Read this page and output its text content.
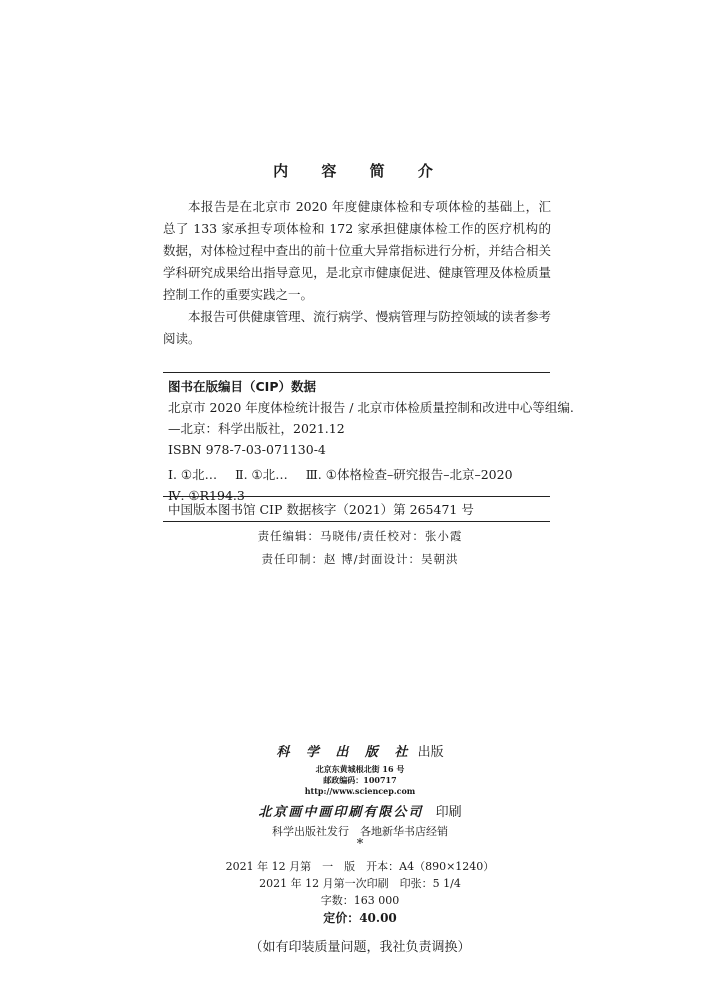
内 容 简 介

本报告是在北京市 2020 年度健康体检和专项体检的基础上，汇总了 133 家承担专项体检和 172 家承担健康体检工作的医疗机构的数据，对体检过程中查出的前十位重大异常指标进行分析，并结合相关学科研究成果给出指导意见，是北京市健康促进、健康管理及体检质量控制工作的重要实践之一。

本报告可供健康管理、流行病学、慢病管理与防控领域的读者参考阅读。

图书在版编目（CIP）数据
北京市 2020 年度体检统计报告 / 北京市体检质量控制和改进中心等组编.
—北京：科学出版社，2021.12
ISBN 978-7-03-071130-4
Ⅰ. ①北… Ⅱ. ①北… Ⅲ. ①体格检查–研究报告–北京–2020
Ⅳ. ①R194.3
中国版本图书馆 CIP 数据核字（2021）第 265471 号
责任编辑：马晓伟/责任校对：张小霞
责任印制：赵 博/封面设计：吴朝洪
科 学 出 版 社 出版
北京东黄城根北街 16 号
邮政编码：100717
http://www.sciencep.com
北京画中画印刷有限公司 印刷
科学出版社发行　各地新华书店经销
*
2021 年 12 月第　一　版　开本：A4（890×1240）
2021 年 12 月第一次印刷　印张：5 1/4
字数：163 000
定价：40.00
（如有印装质量问题，我社负责调换）
